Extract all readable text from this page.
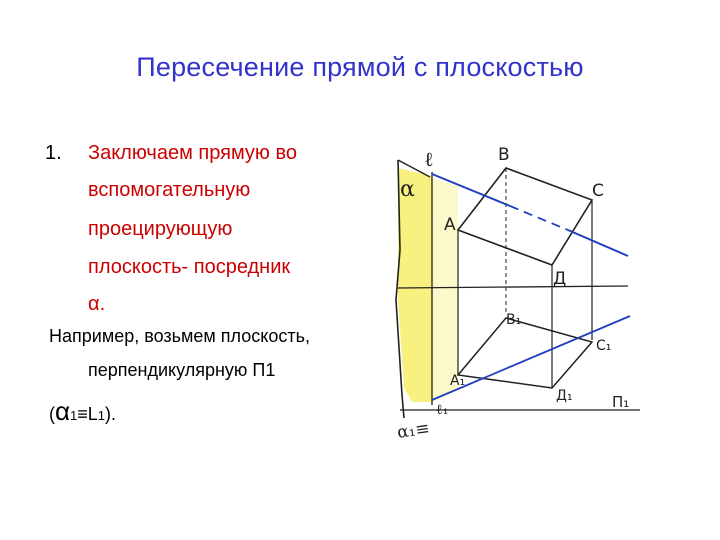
Пересечение прямой с плоскостью
1. Заключаем прямую во
вспомогательную
проецирующую
плоскость- посредник
α.
Например, возьмем плоскость,
перпендикулярную П1
(α1≡L1).
ℓ
α
B
C
A
Д
B₁
C₁
A₁
Д₁
ℓ₁
α₁≡
П₁
